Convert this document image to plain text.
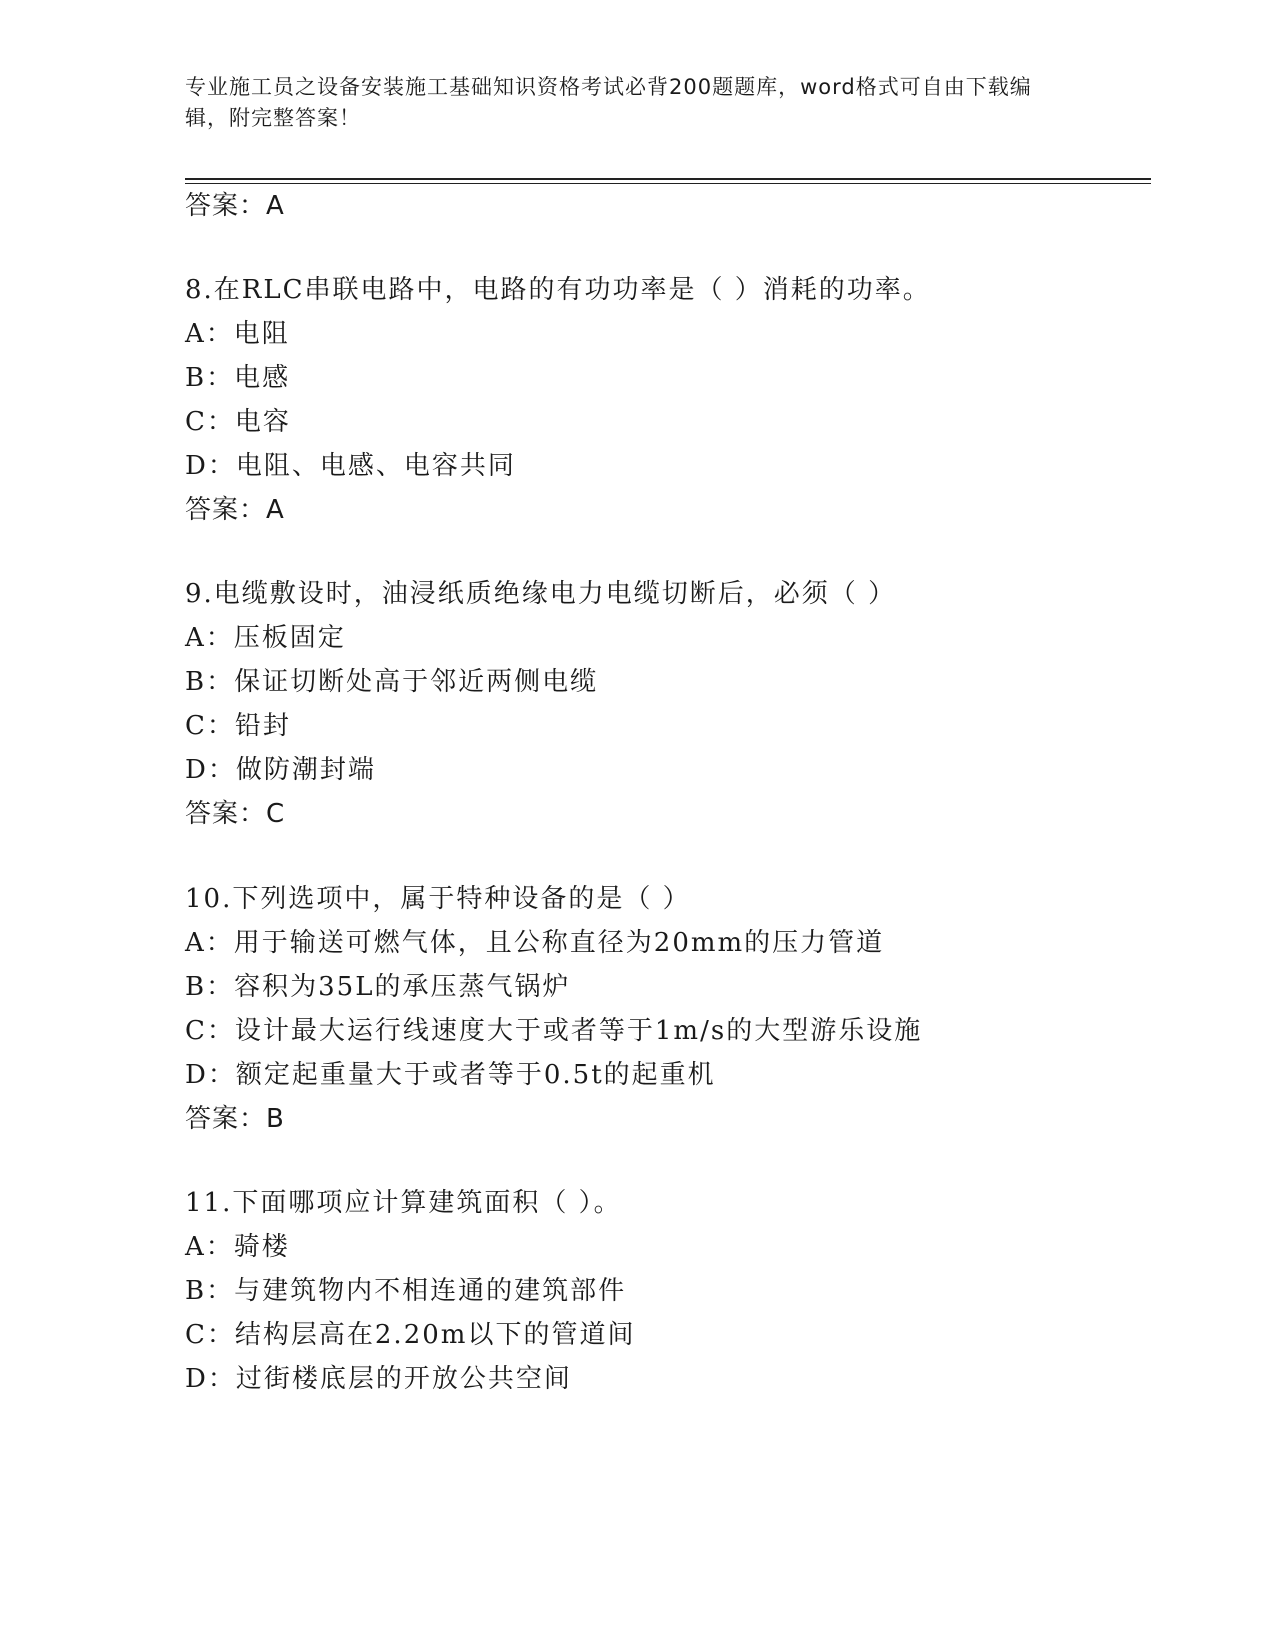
专业施工员之设备安装施工基础知识资格考试必背200题题库，word格式可自由下载编辑，附完整答案！
答案：A
8.在RLC串联电路中，电路的有功功率是（ ）消耗的功率。
A：电阻
B：电感
C：电容
D：电阻、电感、电容共同
答案：A
9.电缆敷设时，油浸纸质绝缘电力电缆切断后，必须（ ）
A：压板固定
B：保证切断处高于邻近两侧电缆
C：铅封
D：做防潮封端
答案：C
10.下列选项中，属于特种设备的是（ ）
A：用于输送可燃气体，且公称直径为20mm的压力管道
B：容积为35L的承压蒸气锅炉
C：设计最大运行线速度大于或者等于1m/s的大型游乐设施
D：额定起重量大于或者等于0.5t的起重机
答案：B
11.下面哪项应计算建筑面积（ ）。
A：骑楼
B：与建筑物内不相连通的建筑部件
C：结构层高在2.20m以下的管道间
D：过街楼底层的开放公共空间
